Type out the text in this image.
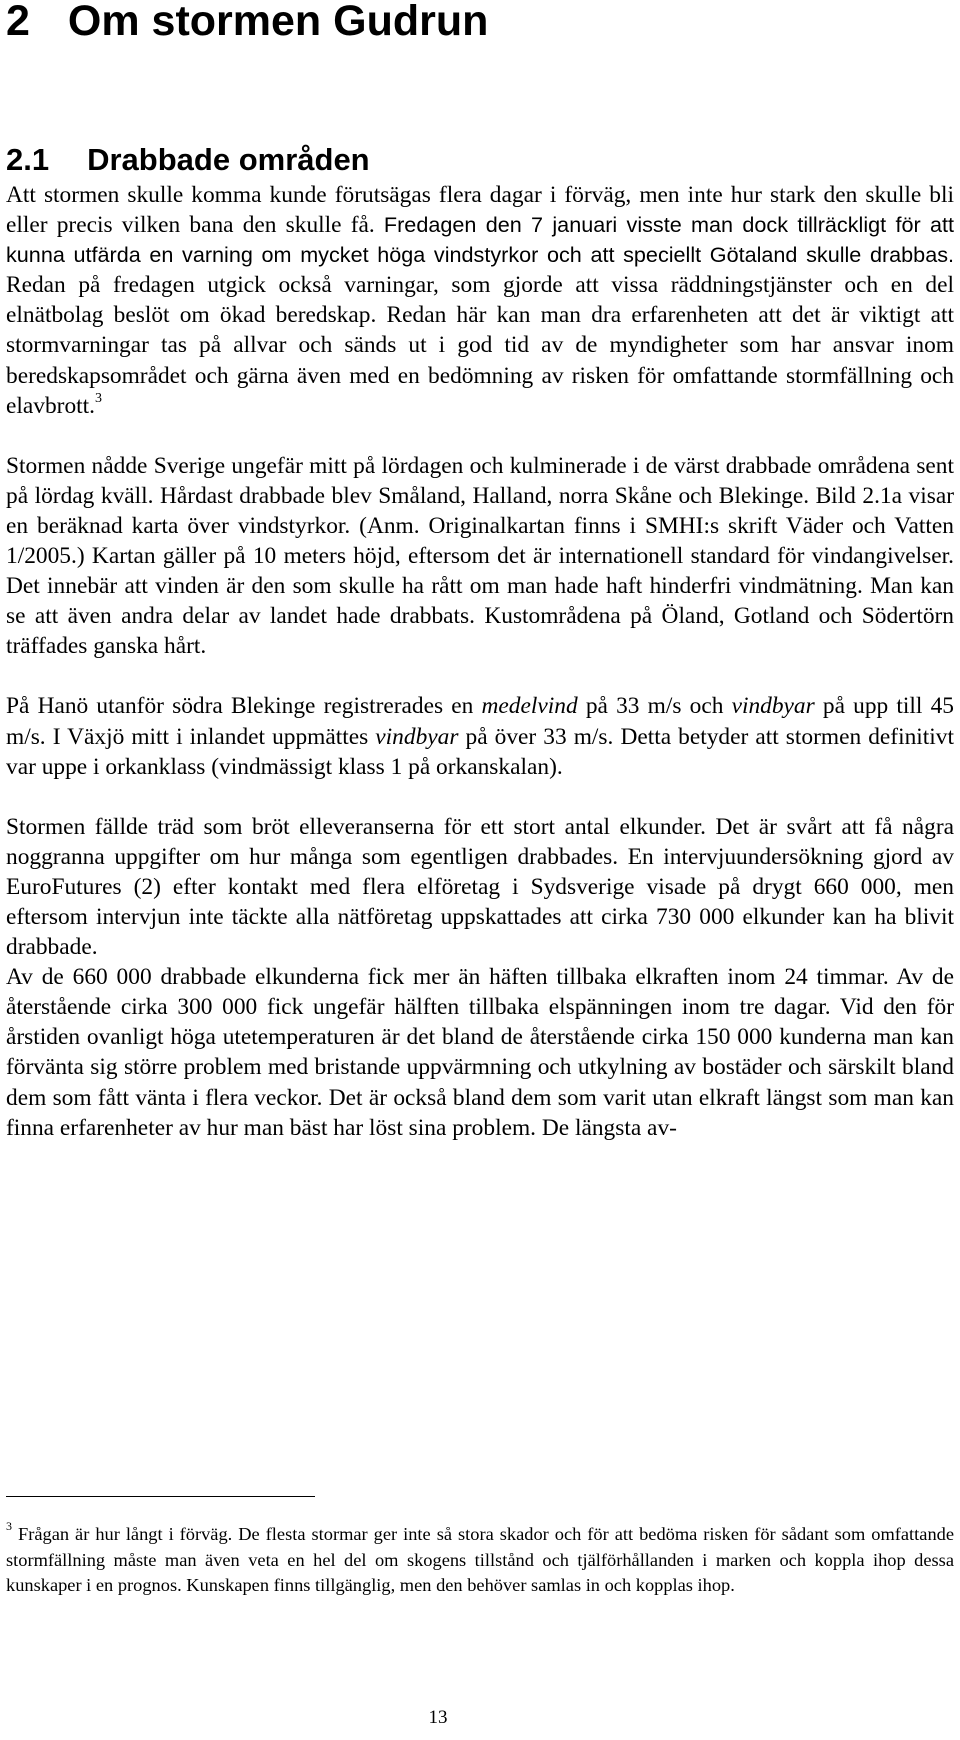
2 Om stormen Gudrun
2.1 Drabbade områden

Att stormen skulle komma kunde förutsägas flera dagar i förväg, men inte hur stark den skulle bli eller precis vilken bana den skulle få. Fredagen den 7 januari visste man dock tillräckligt för att kunna utfärda en varning om mycket höga vindstyrkor och att speciellt Götaland skulle drabbas. Redan på fredagen utgick också varningar, som gjorde att vissa räddningstjänster och en del elnätbolag beslöt om ökad beredskap. Redan här kan man dra erfarenheten att det är viktigt att stormvarningar tas på allvar och sänds ut i god tid av de myndigheter som har ansvar inom beredskapsområdet och gärna även med en bedömning av risken för omfattande stormfällning och elavbrott.$^3$

Stormen nådde Sverige ungefär mitt på lördagen och kulminerade i de värst drabbade områdena sent på lördag kväll. Hårdast drabbade blev Småland, Halland, norra Skåne och Blekinge. Bild 2.1a visar en beräknad karta över vindstyrkor. (Anm. Originalkartan finns i SMHI:s skrift Väder och Vatten 1/2005.) Kartan gäller på 10 meters höjd, eftersom det är internationell standard för vindangivelser. Det innebär att vinden är den som skulle ha rått om man hade haft hinderfri vindmätning. Man kan se att även andra delar av landet hade drabbats. Kustområdena på Öland, Gotland och Södertörn träffades ganska hårt.

På Hanö utanför södra Blekinge registrerades en medelvind på 33 m/s och vindbyar på upp till 45 m/s. I Växjö mitt i inlandet uppmättes vindbyar på över 33 m/s. Detta betyder att stormen definitivt var uppe i orkanklass (vindmässigt klass 1 på orkanskalan).

Stormen fällde träd som bröt elleveranserna för ett stort antal elkunder. Det är svårt att få några noggranna uppgifter om hur många som egentligen drabbades. En intervjuundersökning gjord av EuroFutures (2) efter kontakt med flera elföretag i Sydsverige visade på drygt 660 000, men eftersom intervjun inte täckte alla nätföretag uppskattades att cirka 730 000 elkunder kan ha blivit drabbade.

Av de 660 000 drabbade elkunderna fick mer än häften tillbaka elkraften inom 24 timmar. Av de återstående cirka 300 000 fick ungefär hälften tillbaka elspänningen inom tre dagar. Vid den för årstiden ovanligt höga utetemperaturen är det bland de återstående cirka 150 000 kunderna man kan förvänta sig större problem med bristande uppvärmning och utkylning av bostäder och särskilt bland dem som fått vänta i flera veckor. Det är också bland dem som varit utan elkraft längst som man kan finna erfarenheter av hur man bäst har löst sina problem. De längsta av-

$^3$ Frågan är hur långt i förväg. De flesta stormar ger inte så stora skador och för att bedöma risken för sådant som omfattande stormfällning måste man även veta en hel del om skogens tillstånd och tjälförhållanden i marken och koppla ihop dessa kunskaper i en prognos. Kunskapen finns tillgänglig, men den behöver samlas in och kopplas ihop.

13
